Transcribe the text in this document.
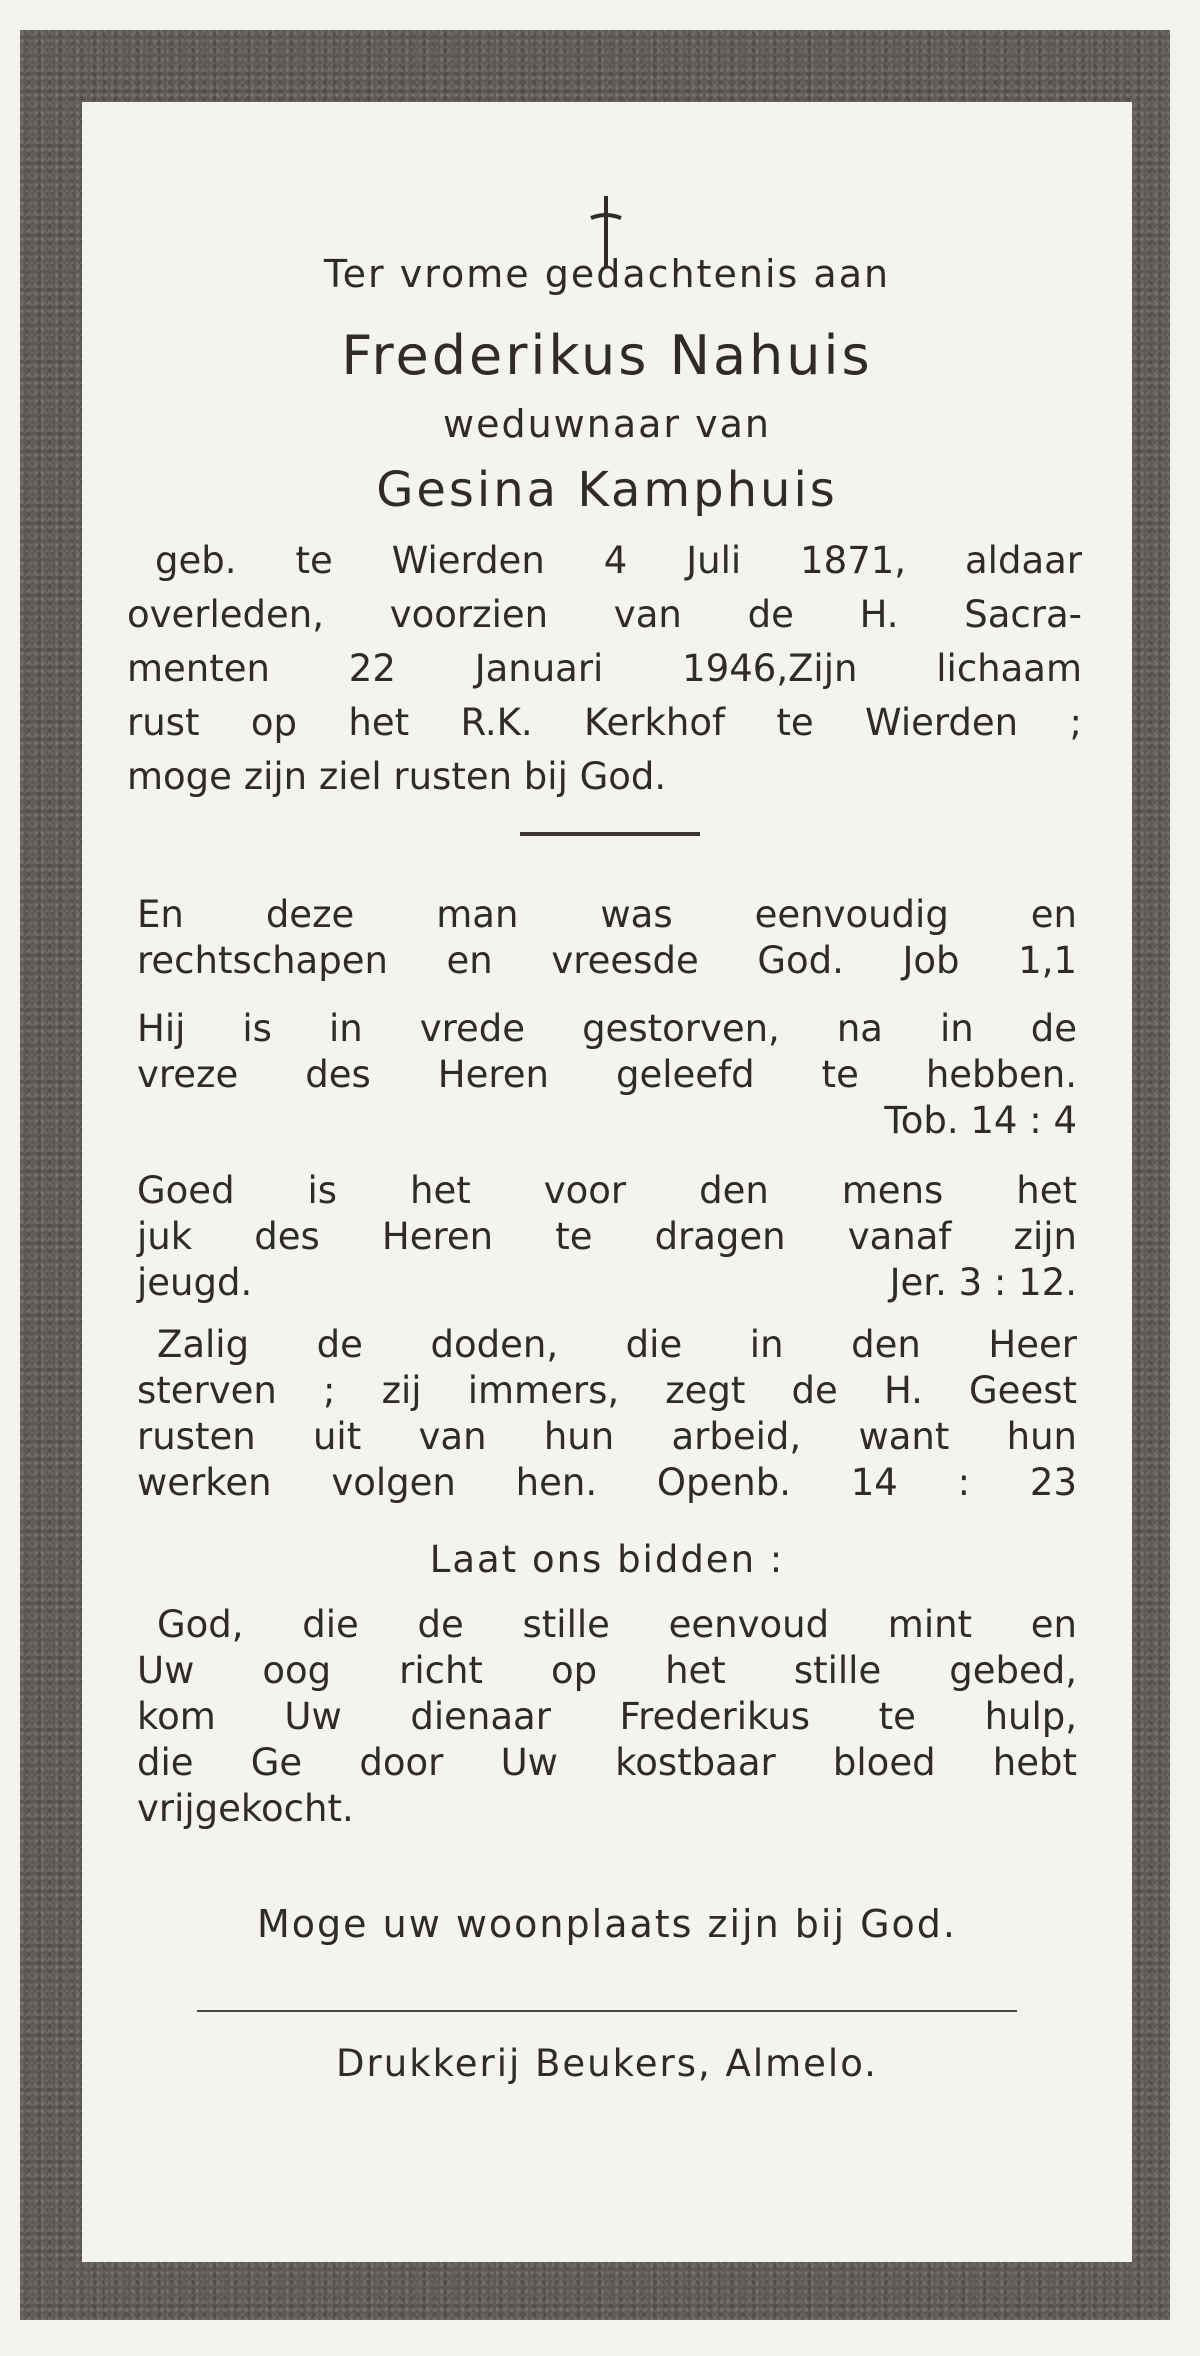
Ter vrome gedachtenis aan
Frederikus Nahuis
weduwnaar van
Gesina Kamphuis
geb. te Wierden 4 Juli 1871, aldaar
overleden, voorzien van de H. Sacra-
menten 22 Januari 1946,Zijn lichaam
rust op het R.K. Kerkhof te Wierden ;
moge zijn ziel rusten bij God.
En deze man was eenvoudig en
rechtschapen en vreesde God. Job 1,1
Hij is in vrede gestorven, na in de
vreze des Heren geleefd te hebben.
Tob. 14 : 4
Goed is het voor den mens het
juk des Heren te dragen vanaf zijn
jeugd.	Jer. 3 : 12.
Zalig de doden, die in den Heer
sterven ; zij immers, zegt de H. Geest
rusten uit van hun arbeid, want hun
werken volgen hen. Openb. 14 : 23
Laat ons bidden :
God, die de stille eenvoud mint en
Uw oog richt op het stille gebed,
kom Uw dienaar Frederikus te hulp,
die Ge door Uw kostbaar bloed hebt
vrijgekocht.
Moge uw woonplaats zijn bij God.
Drukkerij Beukers, Almelo.
